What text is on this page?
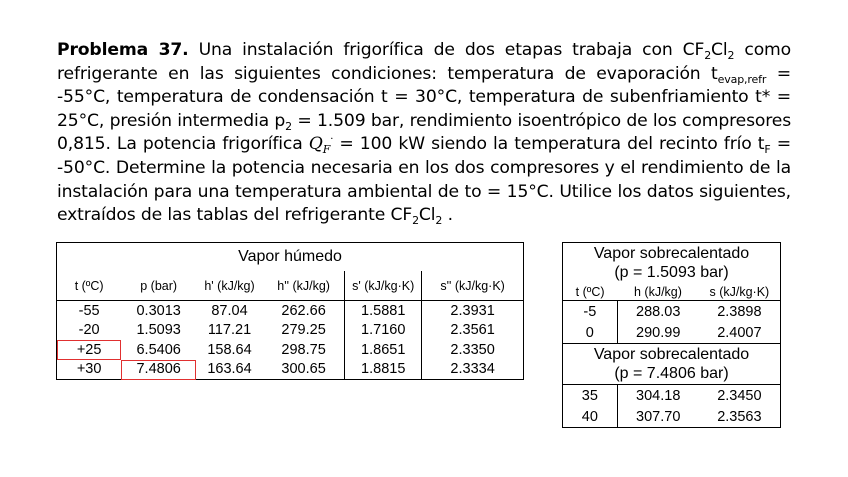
Problema 37. Una instalación frigorífica de dos etapas trabaja con $CF_2Cl_2$ como refrigerante en las siguientes condiciones: temperatura de evaporación $t_{evap,refr} = -55^\circ C$, temperatura de condensación t = 30°C, temperatura de subenfriamiento t* = 25°C, presión intermedia $p_2 = 1.509$ bar, rendimiento isoentrópico de los compresores 0,815. La potencia frigorífica $Q_F^\cdot = 100$ kW siendo la temperatura del recinto frío $t_F = -50^\circ C$. Determine la potencia necesaria en los dos compresores y el rendimiento de la instalación para una temperatura ambiental de to = 15°C. Utilice los datos siguientes, extraídos de las tablas del refrigerante $CF_2Cl_2$ .
Vapor húmedo					
t (ºC)	p (bar)	h' (kJ/kg)	h'' (kJ/kg)	s' (kJ/kg·K)	s'' (kJ/kg·K)
-55	0.3013	87.04	262.66	1.5881	2.3931
-20	1.5093	117.21	279.25	1.7160	2.3561
+25	6.5406	158.64	298.75	1.8651	2.3350
+30	7.4806	163.64	300.65	1.8815	2.3334
Vapor sobrecalentado
(p = 1.5093 bar)		
t (ºC)	h (kJ/kg)	s (kJ/kg·K)
-5	288.03	2.3898
0	290.99	2.4007
Vapor sobrecalentado
(p = 7.4806 bar)		
35	304.18	2.3450
40	307.70	2.3563
